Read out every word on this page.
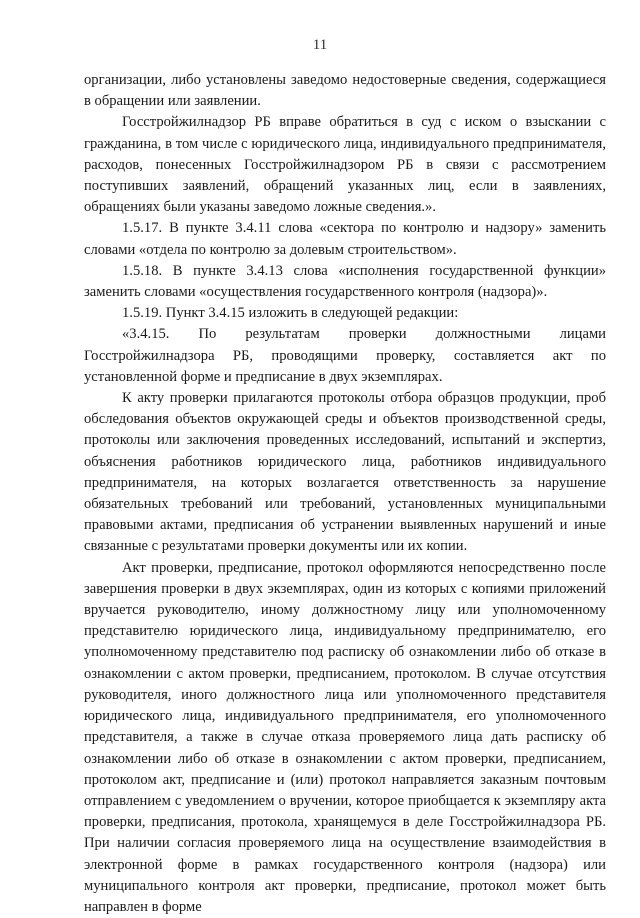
11

организации, либо установлены заведомо недостоверные сведения, содержащиеся в обращении или заявлении.

Госстройжилнадзор РБ вправе обратиться в суд с иском о взыскании с гражданина, в том числе с юридического лица, индивидуального предпринимателя, расходов, понесенных Госстройжилнадзором РБ в связи с рассмотрением поступивших заявлений, обращений указанных лиц, если в заявлениях, обращениях были указаны заведомо ложные сведения.».

1.5.17. В пункте 3.4.11 слова «сектора по контролю и надзору» заменить словами «отдела по контролю за долевым строительством».

1.5.18. В пункте 3.4.13 слова «исполнения государственной функции» заменить словами «осуществления государственного контроля (надзора)».

1.5.19. Пункт 3.4.15 изложить в следующей редакции:

«3.4.15. По результатам проверки должностными лицами Госстройжилнадзора РБ, проводящими проверку, составляется акт по установленной форме и предписание в двух экземплярах.

К акту проверки прилагаются протоколы отбора образцов продукции, проб обследования объектов окружающей среды и объектов производственной среды, протоколы или заключения проведенных исследований, испытаний и экспертиз, объяснения работников юридического лица, работников индивидуального предпринимателя, на которых возлагается ответственность за нарушение обязательных требований или требований, установленных муниципальными правовыми актами, предписания об устранении выявленных нарушений и иные связанные с результатами проверки документы или их копии.

Акт проверки, предписание, протокол оформляются непосредственно после завершения проверки в двух экземплярах, один из которых с копиями приложений вручается руководителю, иному должностному лицу или уполномоченному представителю юридического лица, индивидуальному предпринимателю, его уполномоченному представителю под расписку об ознакомлении либо об отказе в ознакомлении с актом проверки, предписанием, протоколом. В случае отсутствия руководителя, иного должностного лица или уполномоченного представителя юридического лица, индивидуального предпринимателя, его уполномоченного представителя, а также в случае отказа проверяемого лица дать расписку об ознакомлении либо об отказе в ознакомлении с актом проверки, предписанием, протоколом акт, предписание и (или) протокол направляется заказным почтовым отправлением с уведомлением о вручении, которое приобщается к экземпляру акта проверки, предписания, протокола, хранящемуся в деле Госстройжилнадзора РБ. При наличии согласия проверяемого лица на осуществление взаимодействия в электронной форме в рамках государственного контроля (надзора) или муниципального контроля акт проверки, предписание, протокол может быть направлен в форме
